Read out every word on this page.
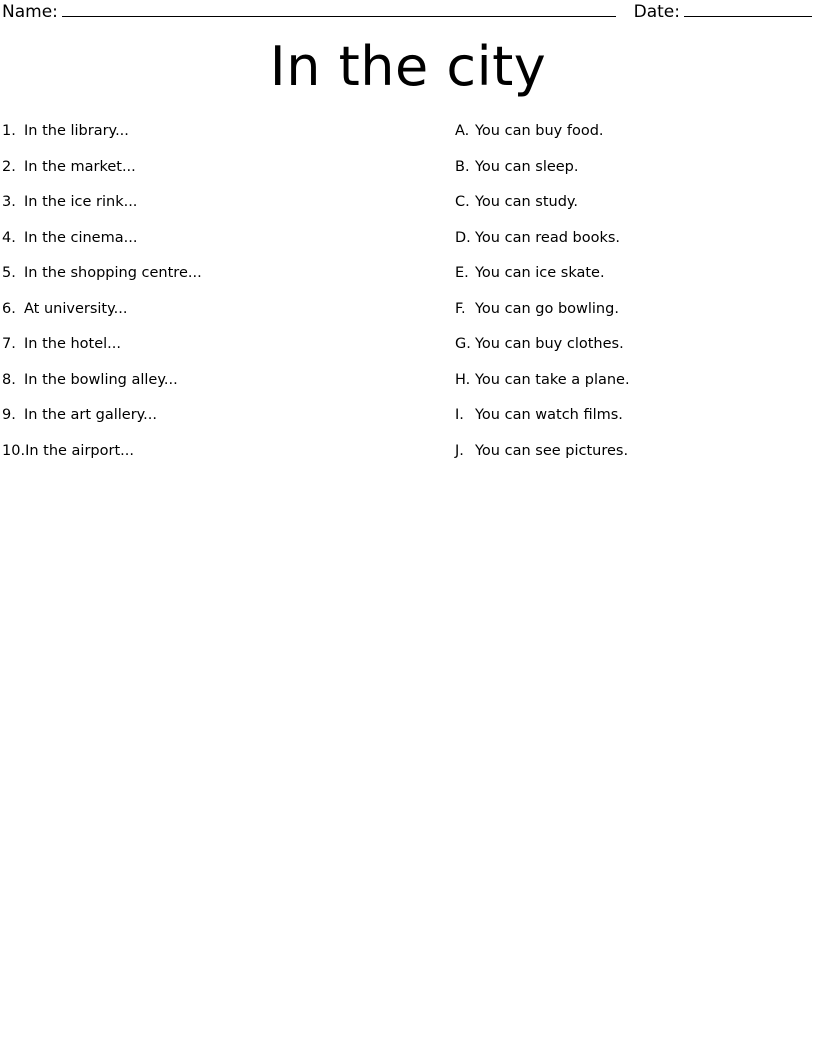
Name:	Date:
In the city
1. In the library...
2. In the market...
3. In the ice rink...
4. In the cinema...
5. In the shopping centre...
6. At university...
7. In the hotel...
8. In the bowling alley...
9. In the art gallery...
10. In the airport...
A. You can buy food.
B. You can sleep.
C. You can study.
D. You can read books.
E. You can ice skate.
F. You can go bowling.
G. You can buy clothes.
H. You can take a plane.
I. You can watch films.
J. You can see pictures.
